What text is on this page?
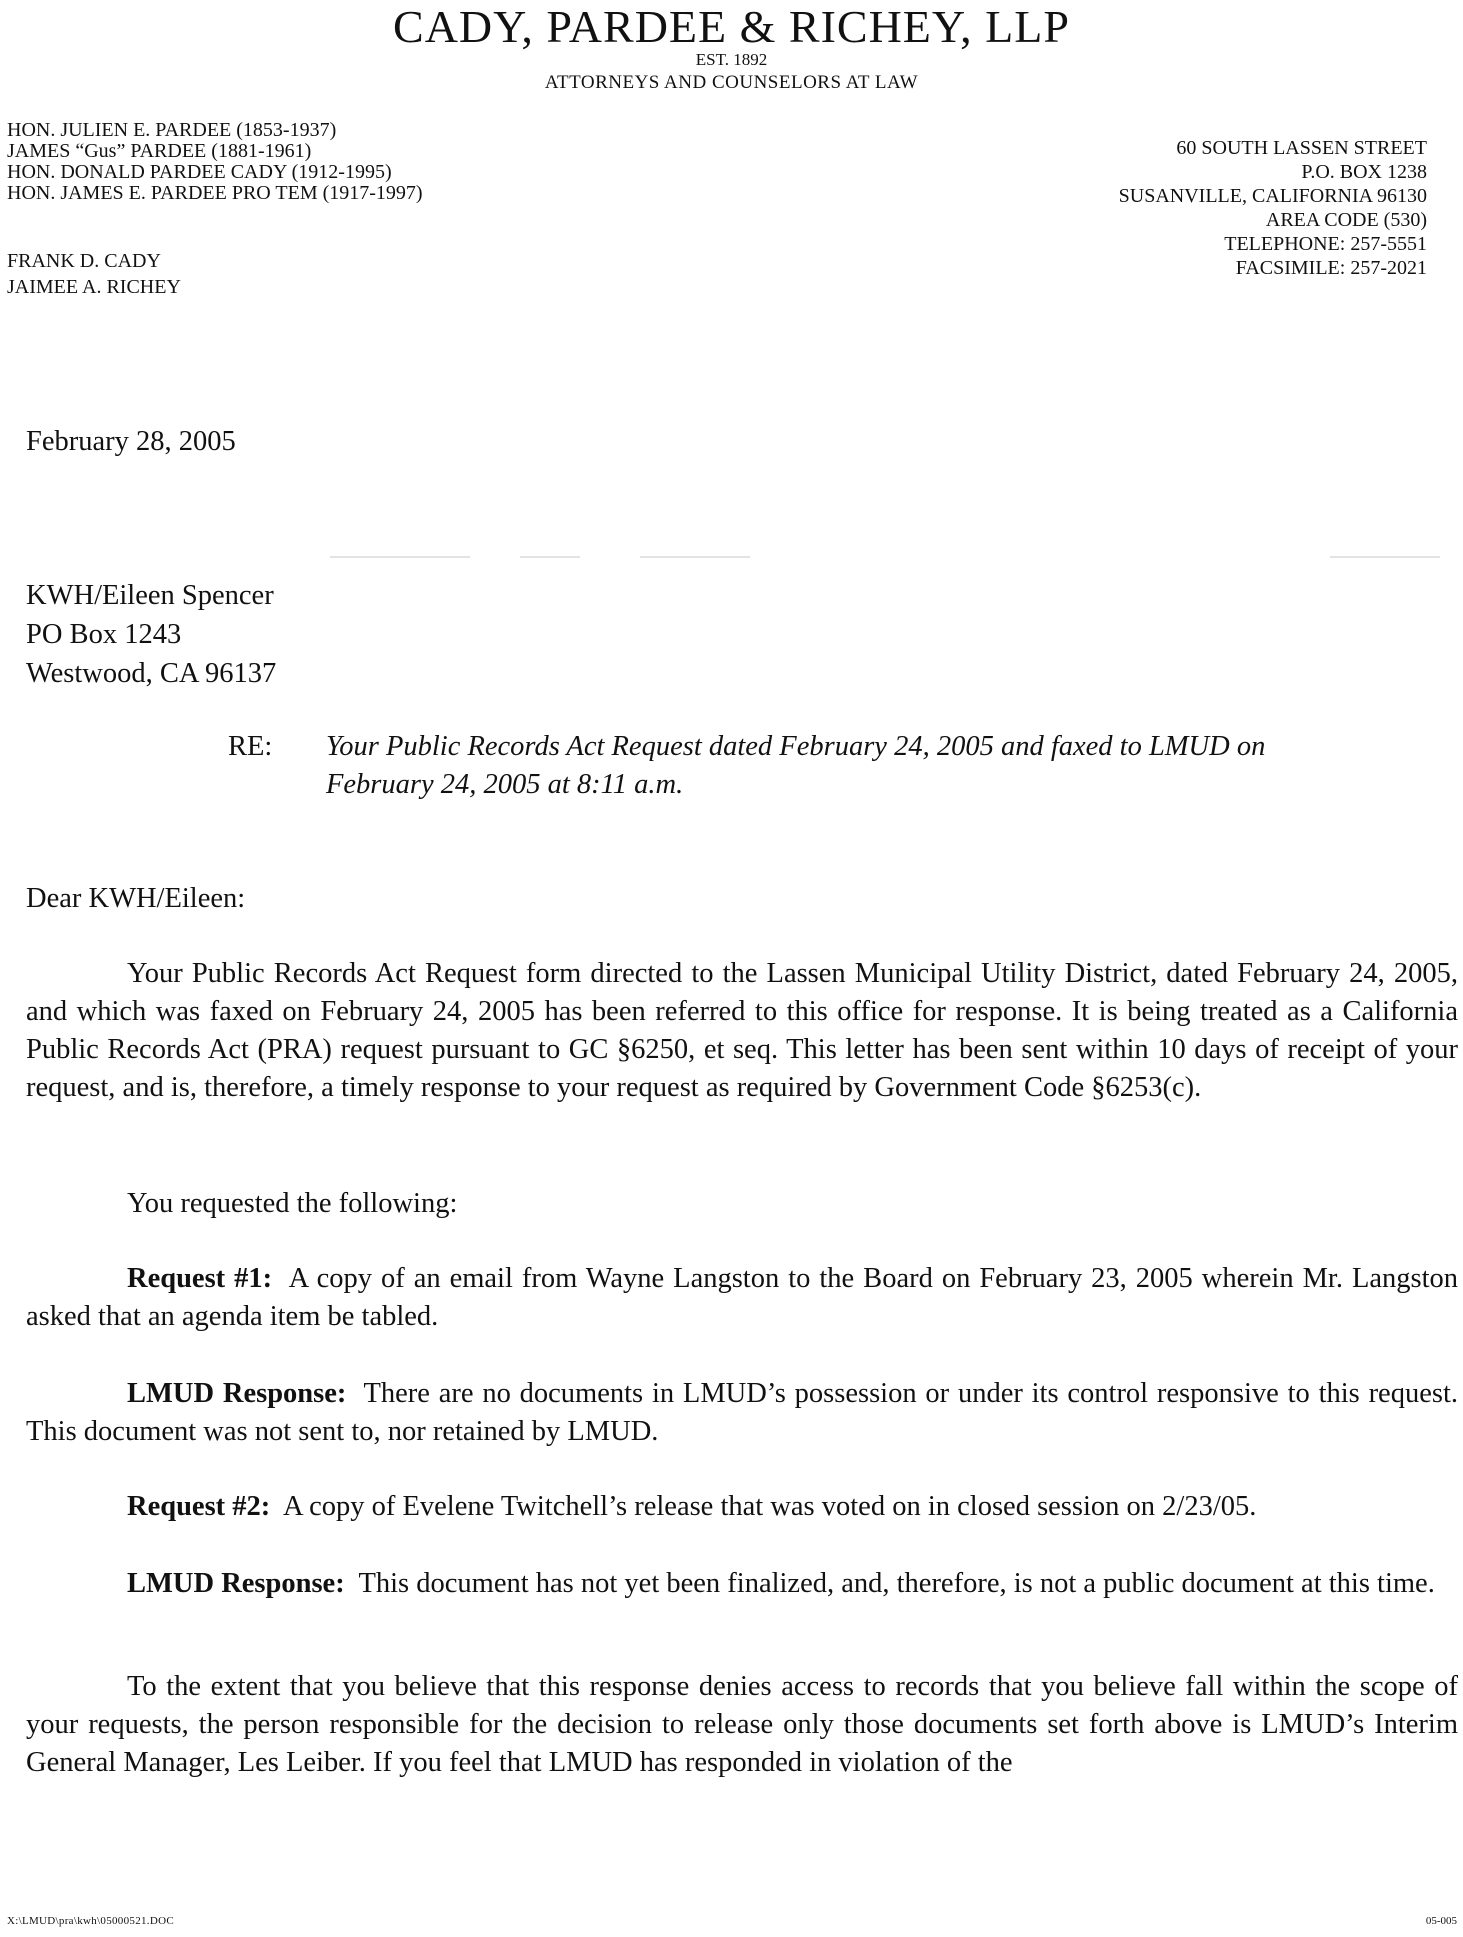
CADY, PARDEE & RICHEY, LLP
EST. 1892
ATTORNEYS AND COUNSELORS AT LAW
HON. JULIEN E. PARDEE (1853-1937)
JAMES “Gus” PARDEE (1881-1961)
HON. DONALD PARDEE CADY (1912-1995)
HON. JAMES E. PARDEE PRO TEM (1917-1997)
FRANK D. CADY
JAIMEE A. RICHEY
60 SOUTH LASSEN STREET
P.O. BOX 1238
SUSANVILLE, CALIFORNIA 96130
AREA CODE (530)
TELEPHONE: 257-5551
FACSIMILE: 257-2021
February 28, 2005
KWH/Eileen Spencer
PO Box 1243
Westwood, CA 96137
RE: Your Public Records Act Request dated February 24, 2005 and faxed to LMUD on February 24, 2005 at 8:11 a.m.
Dear KWH/Eileen:

Your Public Records Act Request form directed to the Lassen Municipal Utility District, dated February 24, 2005, and which was faxed on February 24, 2005 has been referred to this office for response. It is being treated as a California Public Records Act (PRA) request pursuant to GC §6250, et seq. This letter has been sent within 10 days of receipt of your request, and is, therefore, a timely response to your request as required by Government Code §6253(c).

You requested the following:

Request #1: A copy of an email from Wayne Langston to the Board on February 23, 2005 wherein Mr. Langston asked that an agenda item be tabled.

LMUD Response: There are no documents in LMUD’s possession or under its control responsive to this request. This document was not sent to, nor retained by LMUD.

Request #2: A copy of Evelene Twitchell’s release that was voted on in closed session on 2/23/05.

LMUD Response: This document has not yet been finalized, and, therefore, is not a public document at this time.

To the extent that you believe that this response denies access to records that you believe fall within the scope of your requests, the person responsible for the decision to release only those documents set forth above is LMUD’s Interim General Manager, Les Leiber. If you feel that LMUD has responded in violation of the

X:\LMUD\pra\kwh\05000521.DOC	05-005
